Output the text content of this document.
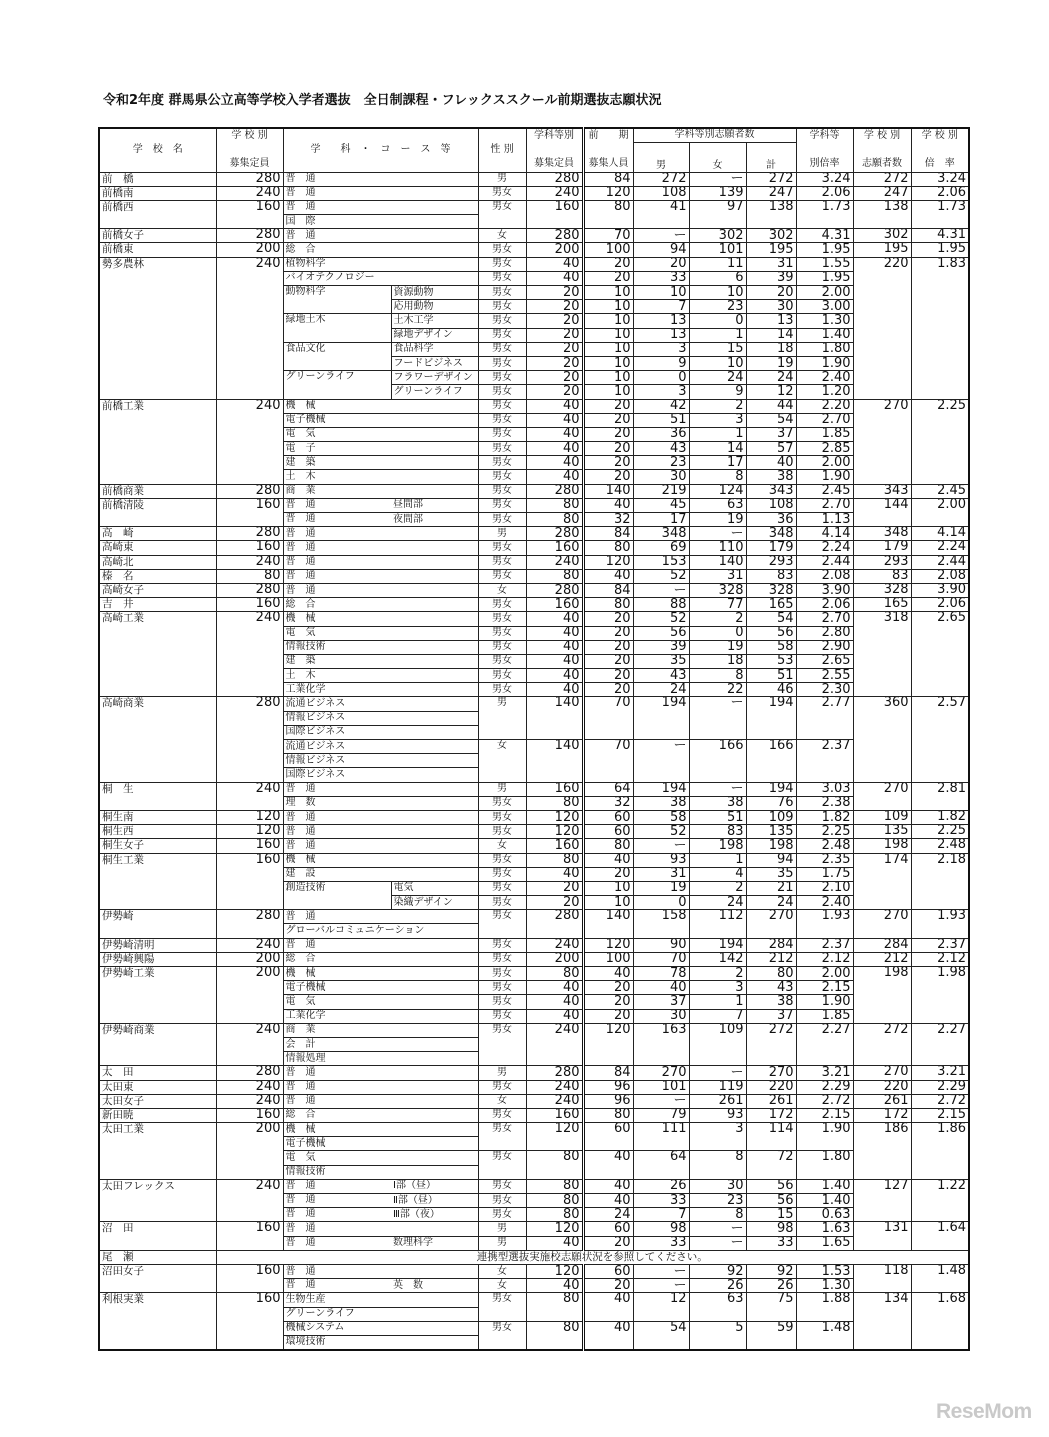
令和2年度 群馬県公立高等学校入学者選抜　全日制課程・フレックススクール前期選抜志願状況
学　校　名	学 校 別
募集定員	学　　科　・　コ　ー　ス　等		性 別	学科等別
募集定員	前　　期
募集人員	学科等別志願者数			学科等
別倍率	学 校 別
志願者数	学 校 別
倍　率

							男	女	計			

前　橋	280	普　通		男	280	84	272	ー	272	3.24	272	3.24
前橋南	240	普　通		男女	240	120	108	139	247	2.06	247	2.06
前橋西	160	普　通		男女	160	80	41	97	138	1.73	138	1.73
		国　際										
前橋女子	280	普　通		女	280	70	ー	302	302	4.31	302	4.31
前橋東	200	総　合		男女	200	100	94	101	195	1.95	195	1.95
勢多農林	240	植物科学		男女	40	20	20	11	31	1.55	220	1.83
		バイオテクノロジー		男女	40	20	33	6	39	1.95		
		動物科学	資源動物	男女	20	10	10	10	20	2.00		
			応用動物	男女	20	10	7	23	30	3.00		
		緑地土木	土木工学	男女	20	10	13	0	13	1.30		
			緑地デザイン	男女	20	10	13	1	14	1.40		
		食品文化	食品科学	男女	20	10	3	15	18	1.80		
			フードビジネス	男女	20	10	9	10	19	1.90		
		グリーンライフ	フラワーデザイン	男女	20	10	0	24	24	2.40		
			グリーンライフ	男女	20	10	3	9	12	1.20		
前橋工業	240	機　械		男女	40	20	42	2	44	2.20	270	2.25
		電子機械		男女	40	20	51	3	54	2.70		
		電　気		男女	40	20	36	1	37	1.85		
		電　子		男女	40	20	43	14	57	2.85		
		建　築		男女	40	20	23	17	40	2.00		
		土　木		男女	40	20	30	8	38	1.90		
前橋商業	280	商　業		男女	280	140	219	124	343	2.45	343	2.45
前橋清陵	160	普　通	昼間部	男女	80	40	45	63	108	2.70	144	2.00
		普　通	夜間部	男女	80	32	17	19	36	1.13		
高　崎	280	普　通		男	280	84	348	ー	348	4.14	348	4.14
高崎東	160	普　通		男女	160	80	69	110	179	2.24	179	2.24
高崎北	240	普　通		男女	240	120	153	140	293	2.44	293	2.44
榛　名	80	普　通		男女	80	40	52	31	83	2.08	83	2.08
高崎女子	280	普　通		女	280	84	ー	328	328	3.90	328	3.90
吉　井	160	総　合		男女	160	80	88	77	165	2.06	165	2.06
高崎工業	240	機　械		男女	40	20	52	2	54	2.70	318	2.65
		電　気		男女	40	20	56	0	56	2.80		
		情報技術		男女	40	20	39	19	58	2.90		
		建　築		男女	40	20	35	18	53	2.65		
		土　木		男女	40	20	43	8	51	2.55		
		工業化学		男女	40	20	24	22	46	2.30		
高崎商業	280	流通ビジネス		男	140	70	194	ー	194	2.77	360	2.57
		情報ビジネス										
		国際ビジネス										
		流通ビジネス		女	140	70	ー	166	166	2.37		
		情報ビジネス										
		国際ビジネス										
桐　生	240	普　通		男	160	64	194	ー	194	3.03	270	2.81
		理　数		男女	80	32	38	38	76	2.38		
桐生南	120	普　通		男女	120	60	58	51	109	1.82	109	1.82
桐生西	120	普　通		男女	120	60	52	83	135	2.25	135	2.25
桐生女子	160	普　通		女	160	80	ー	198	198	2.48	198	2.48
桐生工業	160	機　械		男女	80	40	93	1	94	2.35	174	2.18
		建　設		男女	40	20	31	4	35	1.75		
		創造技術	電気	男女	20	10	19	2	21	2.10		
			染織デザイン	男女	20	10	0	24	24	2.40		
伊勢崎	280	普　通		男女	280	140	158	112	270	1.93	270	1.93
		グローバルコミュニケーション										
伊勢崎清明	240	普　通		男女	240	120	90	194	284	2.37	284	2.37
伊勢崎興陽	200	総　合		男女	200	100	70	142	212	2.12	212	2.12
伊勢崎工業	200	機　械		男女	80	40	78	2	80	2.00	198	1.98
		電子機械		男女	40	20	40	3	43	2.15		
		電　気		男女	40	20	37	1	38	1.90		
		工業化学		男女	40	20	30	7	37	1.85		
伊勢崎商業	240	商　業		男女	240	120	163	109	272	2.27	272	2.27
		会　計										
		情報処理										
太　田	280	普　通		男	280	84	270	ー	270	3.21	270	3.21
太田東	240	普　通		男女	240	96	101	119	220	2.29	220	2.29
太田女子	240	普　通		女	240	96	ー	261	261	2.72	261	2.72
新田暁	160	総　合		男女	160	80	79	93	172	2.15	172	2.15
太田工業	200	機　械		男女	120	60	111	3	114	1.90	186	1.86
		電子機械										
		電　気		男女	80	40	64	8	72	1.80		
		情報技術										
太田フレックス	240	普　通	Ⅰ部（昼）	男女	80	40	26	30	56	1.40	127	1.22
		普　通	Ⅱ部（昼）	男女	80	40	33	23	56	1.40		
		普　通	Ⅲ部（夜）	男女	80	24	7	8	15	0.63		
沼　田	160	普　通		男	120	60	98	ー	98	1.63	131	1.64
		普　通	数理科学	男	40	20	33	ー	33	1.65		
尾　瀬	連携型選抜実施校志願状況を参照してください。											
沼田女子	160	普　通		女	120	60	ー	92	92	1.53	118	1.48
		普　通	英　数	女	40	20	ー	26	26	1.30		
利根実業	160	生物生産		男女	80	40	12	63	75	1.88	134	1.68
		グリーンライフ										
		機械システム		男女	80	40	54	5	59	1.48		
		環境技術										
ReseMom
